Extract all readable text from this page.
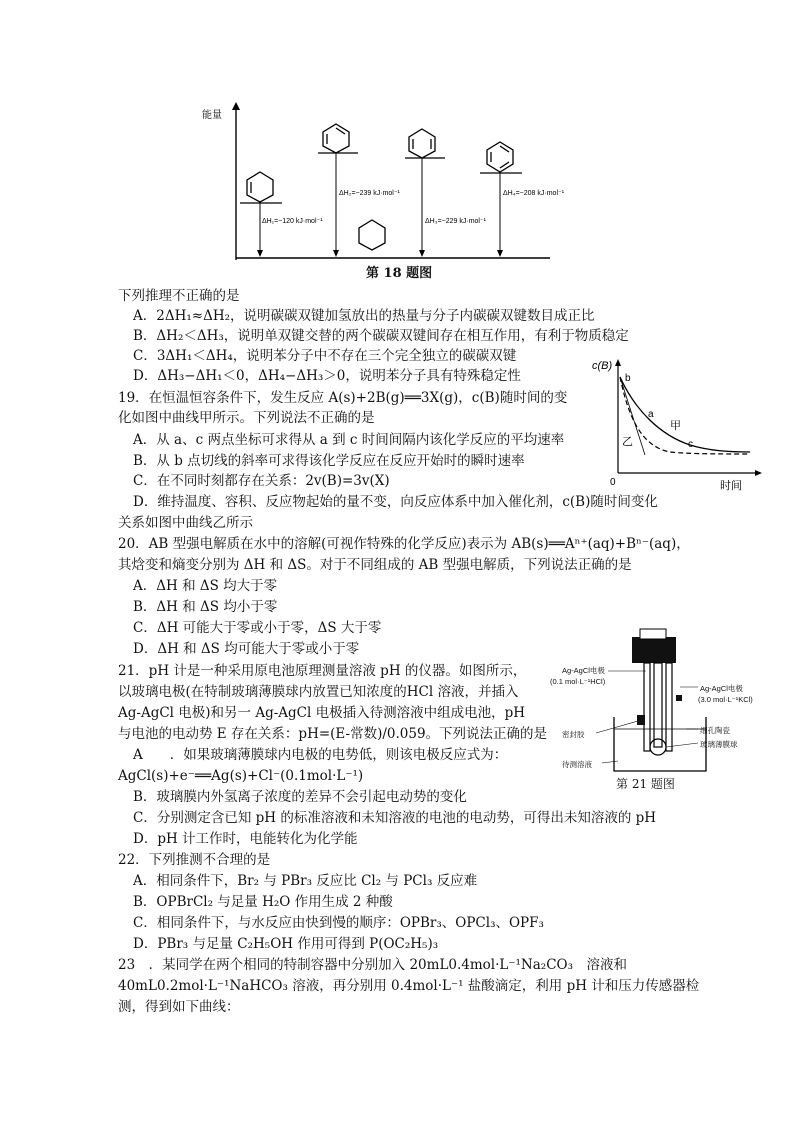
能量
ΔH₁=−120 kJ·mol⁻¹
ΔH₂=−239 kJ·mol⁻¹
ΔH₃=−229 kJ·mol⁻¹
ΔH₄=−208 kJ·mol⁻¹
第 18 题图
下列推理不正确的是
A．2ΔH₁≈ΔH₂，说明碳碳双键加氢放出的热量与分子内碳碳双键数目成正比
B．ΔH₂＜ΔH₃，说明单双键交替的两个碳碳双键间存在相互作用，有利于物质稳定
C．3ΔH₁＜ΔH₄，说明苯分子中不存在三个完全独立的碳碳双键
D．ΔH₃−ΔH₁＜0，ΔH₄−ΔH₃＞0，说明苯分子具有特殊稳定性
c(B)
时间
0
b
a
c
甲
乙
19．在恒温恒容条件下，发生反应 A(s)+2B(g)══3X(g)，c(B)随时间的变
化如图中曲线甲所示。下列说法不正确的是
A．从 a、c 两点坐标可求得从 a 到 c 时间间隔内该化学反应的平均速率
B．从 b 点切线的斜率可求得该化学反应在反应开始时的瞬时速率
C．在不同时刻都存在关系：2v(B)=3v(X)
D．维持温度、容积、反应物起始的量不变，向反应体系中加入催化剂，c(B)随时间变化
关系如图中曲线乙所示
20．AB 型强电解质在水中的溶解(可视作特殊的化学反应)表示为 AB(s)══Aⁿ⁺(aq)+Bⁿ⁻(aq)，
其焓变和熵变分别为 ΔH 和 ΔS。对于不同组成的 AB 型强电解质，下列说法正确的是
A．ΔH 和 ΔS 均大于零
B．ΔH 和 ΔS 均小于零
C．ΔH 可能大于零或小于零，ΔS 大于零
D．ΔH 和 ΔS 均可能大于零或小于零
Ag-AgCl电极
(0.1 mol·L⁻¹HCl)
Ag-AgCl电极
(3.0 mol·L⁻¹KCl)
密封胶	细孔陶瓷
玻璃薄膜球
待测溶液
第 21 题图
21．pH 计是一种采用原电池原理测量溶液 pH 的仪器。如图所示，
以玻璃电极(在特制玻璃薄膜球内放置已知浓度的HCl 溶液，并插入
Ag-AgCl 电极)和另一 Ag-AgCl 电极插入待测溶液中组成电池，pH
与电池的电动势 E 存在关系：pH=(E-常数)/0.059。下列说法正确的是
A　　．如果玻璃薄膜球内电极的电势低，则该电极反应式为：
AgCl(s)+e⁻══Ag(s)+Cl⁻(0.1mol·L⁻¹)
B．玻璃膜内外氢离子浓度的差异不会引起电动势的变化
C．分别测定含已知 pH 的标准溶液和未知溶液的电池的电动势，可得出未知溶液的 pH
D．pH 计工作时，电能转化为化学能
22．下列推测不合理的是
A．相同条件下，Br₂ 与 PBr₃ 反应比 Cl₂ 与 PCl₃ 反应难
B．OPBrCl₂ 与足量 H₂O 作用生成 2 种酸
C．相同条件下，与水反应由快到慢的顺序：OPBr₃、OPCl₃、OPF₃
D．PBr₃ 与足量 C₂H₅OH 作用可得到 P(OC₂H₅)₃
23　．某同学在两个相同的特制容器中分别加入 20mL0.4mol·L⁻¹Na₂CO₃　溶液和
40mL0.2mol·L⁻¹NaHCO₃ 溶液，再分别用 0.4mol·L⁻¹ 盐酸滴定，利用 pH 计和压力传感器检
测，得到如下曲线：
